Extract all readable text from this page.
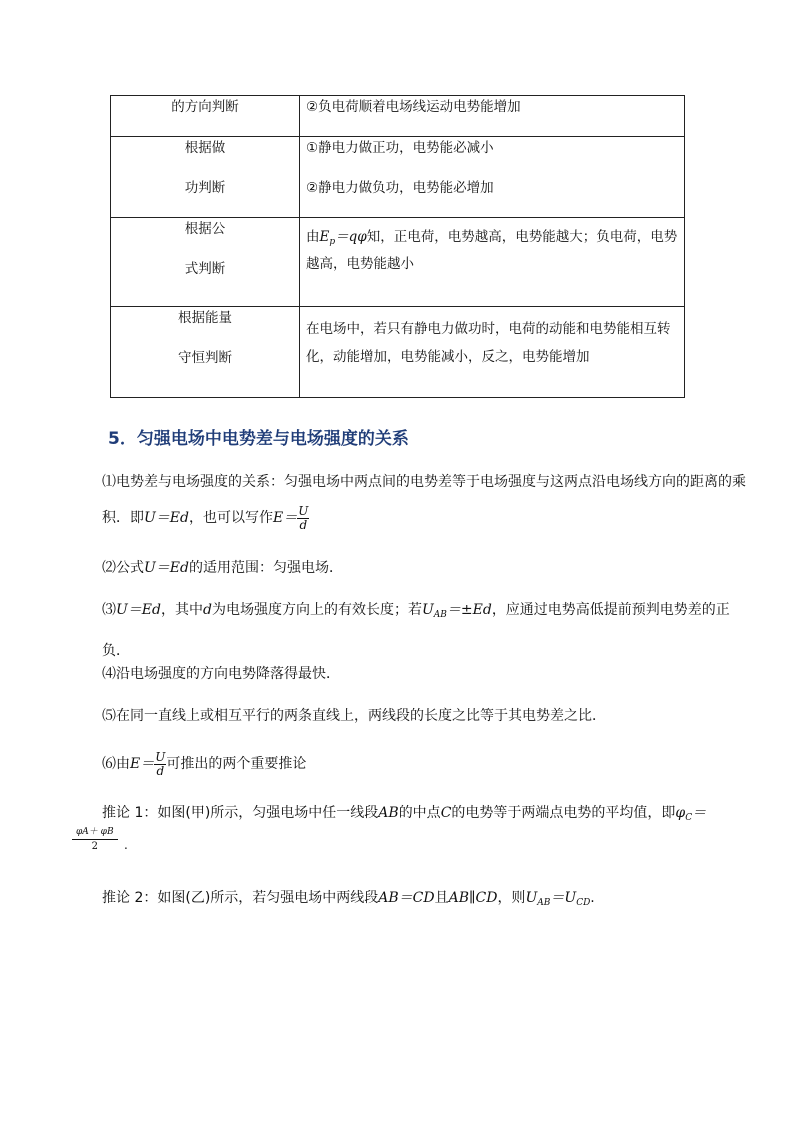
的方向判断	②负电荷顺着电场线运动电势能增加

根据做
功判断	①静电力做正功，电势能必减小
②静电力做负功，电势能必增加

根据公
式判断	由$E_p=q\varphi$知，正电荷，电势越高，电势能越大；负电荷，电势越高，电势能越小

根据能量
守恒判断	在电场中，若只有静电力做功时，电荷的动能和电势能相互转化，动能增加，电势能减小，反之，电势能增加
5．匀强电场中电势差与电场强度的关系
⑴电势差与电场强度的关系：匀强电场中两点间的电势差等于电场强度与这两点沿电场线方向的距离的乘积．即U＝Ed，也可以写作$E= \frac{U}{d}$
⑵公式U＝Ed的适用范围：匀强电场．
⑶U＝Ed，其中d为电场强度方向上的有效长度；若$U_{AB}=\pm Ed$，应通过电势高低提前预判电势差的正负．
⑷沿电场强度的方向电势降落得最快．
⑸在同一直线上或相互平行的两条直线上，两线段的长度之比等于其电势差之比．
⑹由$E= \frac{U}{d}$ 可推出的两个重要推论
推论 1：如图(甲)所示，匀强电场中任一线段AB的中点C的电势等于两端点电势的平均值，即$\varphi_C=$
$\frac{\varphi A+ \varphi B}{2}$ .
推论 2：如图(乙)所示，若匀强电场中两线段AB＝CD且AB∥CD，则$U_{AB}=U_{CD}$.
